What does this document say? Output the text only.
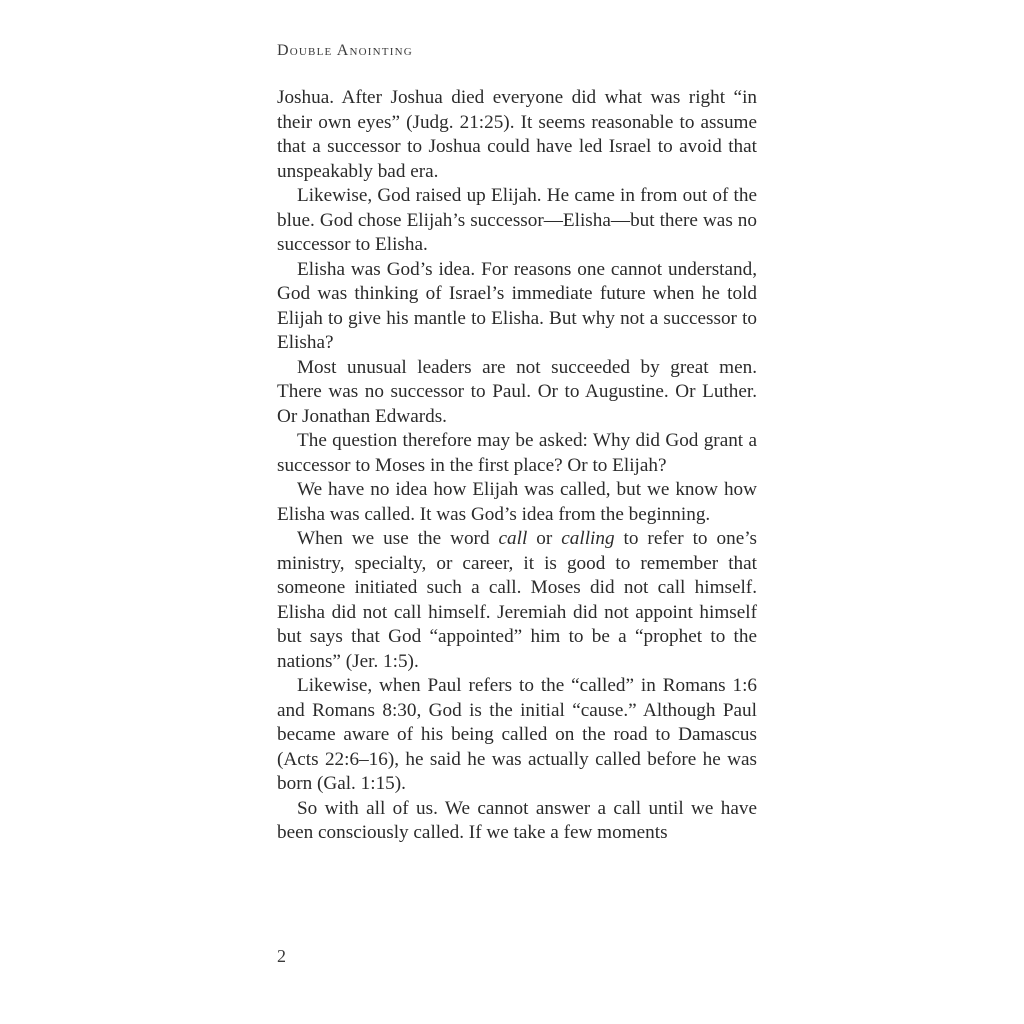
Double Anointing

Joshua. After Joshua died everyone did what was right “in their own eyes” (Judg. 21:25). It seems reasonable to assume that a successor to Joshua could have led Israel to avoid that unspeakably bad era.

Likewise, God raised up Elijah. He came in from out of the blue. God chose Elijah’s successor—Elisha—but there was no successor to Elisha.

Elisha was God’s idea. For reasons one cannot understand, God was thinking of Israel’s immediate future when he told Elijah to give his mantle to Elisha. But why not a successor to Elisha?

Most unusual leaders are not succeeded by great men. There was no successor to Paul. Or to Augustine. Or Luther. Or Jonathan Edwards.

The question therefore may be asked: Why did God grant a successor to Moses in the first place? Or to Elijah?

We have no idea how Elijah was called, but we know how Elisha was called. It was God’s idea from the beginning.

When we use the word call or calling to refer to one’s ministry, specialty, or career, it is good to remember that someone initiated such a call. Moses did not call himself. Elisha did not call himself. Jeremiah did not appoint himself but says that God “appointed” him to be a “prophet to the nations” (Jer. 1:5).

Likewise, when Paul refers to the “called” in Romans 1:6 and Romans 8:30, God is the initial “cause.” Although Paul became aware of his being called on the road to Damascus (Acts 22:6–16), he said he was actually called before he was born (Gal. 1:15).

So with all of us. We cannot answer a call until we have been consciously called. If we take a few moments

2
